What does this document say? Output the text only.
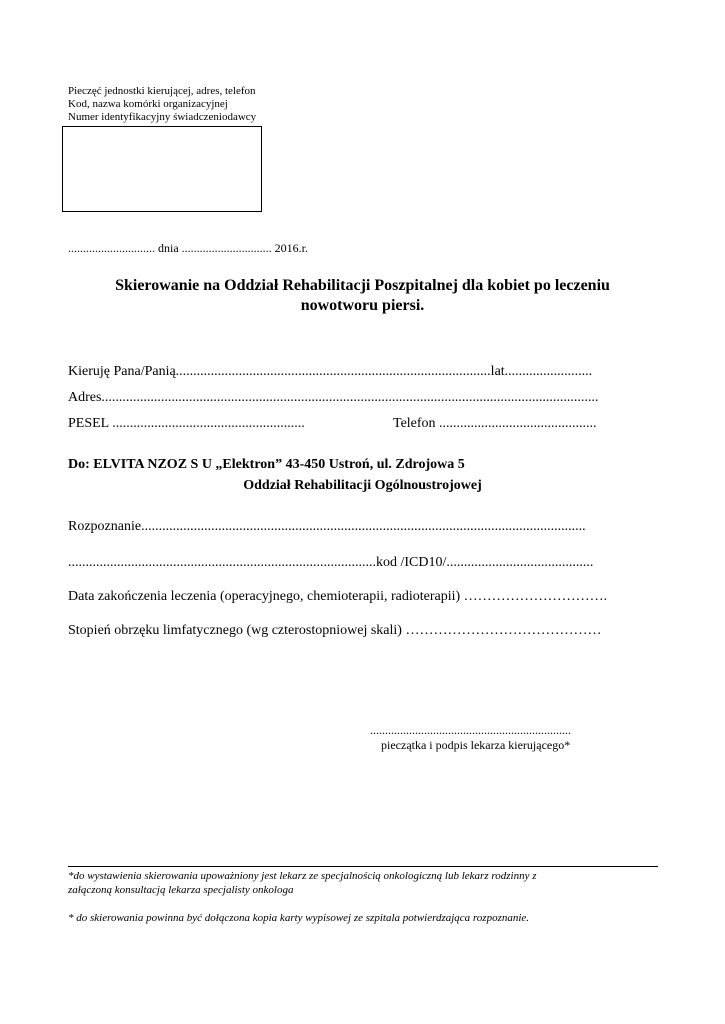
Pieczęć jednostki kierującej, adres, telefon
Kod, nazwa komórki organizacyjnej
Numer identyfikacyjny świadczeniodawcy
............................. dnia .............................. 2016.r.
Skierowanie na Oddział Rehabilitacji Poszpitalnej dla kobiet po leczeniu
nowotworu piersi.
Kieruję Pana/Panią..........................................................................................lat.........................
Adres..............................................................................................................................................
PESEL .......................................................	Telefon .............................................
Do: ELVITA NZOZ S U „Elektron” 43-450 Ustroń, ul. Zdrojowa 5
Oddział Rehabilitacji Ogólnoustrojowej
Rozpoznanie...............................................................................................................................
........................................................................................kod /ICD10/..........................................
Data zakończenia leczenia (operacyjnego, chemioterapii, radioterapii) ………………………….
Stopień obrzęku limfatycznego (wg czterostopniowej skali) ……………………………………
...................................................................
pieczątka i podpis lekarza kierującego*
*do wystawienia skierowania upoważniony jest lekarz ze specjalnością onkologiczną lub lekarz rodzinny z
załączoną konsultacją lekarza specjalisty onkologa
* do skierowania powinna być dołączona kopia karty wypisowej ze szpitala potwierdzająca rozpoznanie.
